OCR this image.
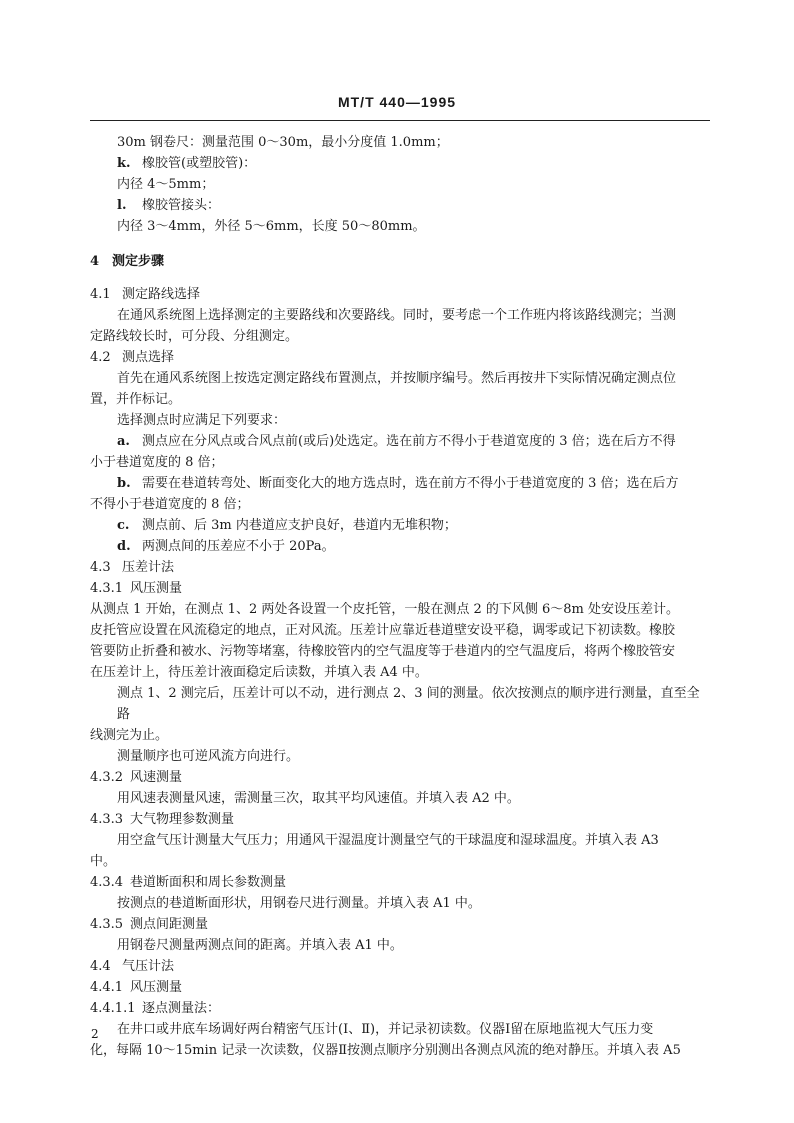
MT/T 440—1995

30m 钢卷尺：测量范围 0～30m，最小分度值 1.0mm；

k. 橡胶管(或塑胶管)：

内径 4～5mm；

l. 橡胶管接头：

内径 3～4mm，外径 5～6mm，长度 50～80mm。

4 测定步骤

4.1 测定路线选择

在通风系统图上选择测定的主要路线和次要路线。同时，要考虑一个工作班内将该路线测完；当测

定路线较长时，可分段、分组测定。

4.2 测点选择

首先在通风系统图上按选定测定路线布置测点，并按顺序编号。然后再按井下实际情况确定测点位

置，并作标记。

选择测点时应满足下列要求：

a. 测点应在分风点或合风点前(或后)处选定。选在前方不得小于巷道宽度的 3 倍；选在后方不得

小于巷道宽度的 8 倍；

b. 需要在巷道转弯处、断面变化大的地方选点时，选在前方不得小于巷道宽度的 3 倍；选在后方

不得小于巷道宽度的 8 倍；

c. 测点前、后 3m 内巷道应支护良好，巷道内无堆积物；

d. 两测点间的压差应不小于 20Pa。

4.3 压差计法

4.3.1 风压测量

从测点 1 开始，在测点 1、2 两处各设置一个皮托管，一般在测点 2 的下风侧 6～8m 处安设压差计。

皮托管应设置在风流稳定的地点，正对风流。压差计应靠近巷道壁安设平稳，调零或记下初读数。橡胶

管要防止折叠和被水、污物等堵塞，待橡胶管内的空气温度等于巷道内的空气温度后，将两个橡胶管安

在压差计上，待压差计液面稳定后读数，并填入表 A4 中。

测点 1、2 测完后，压差计可以不动，进行测点 2、3 间的测量。依次按测点的顺序进行测量，直至全路

线测完为止。

测量顺序也可逆风流方向进行。

4.3.2 风速测量

用风速表测量风速，需测量三次，取其平均风速值。并填入表 A2 中。

4.3.3 大气物理参数测量

用空盒气压计测量大气压力；用通风干湿温度计测量空气的干球温度和湿球温度。并填入表 A3

中。

4.3.4 巷道断面积和周长参数测量

按测点的巷道断面形状，用钢卷尺进行测量。并填入表 A1 中。

4.3.5 测点间距测量

用钢卷尺测量两测点间的距离。并填入表 A1 中。

4.4 气压计法

4.4.1 风压测量

4.4.1.1 逐点测量法：

在井口或井底车场调好两台精密气压计(Ⅰ、Ⅱ)，并记录初读数。仪器Ⅰ留在原地监视大气压力变

化，每隔 10～15min 记录一次读数，仪器Ⅱ按测点顺序分别测出各测点风流的绝对静压。并填入表 A5

2
